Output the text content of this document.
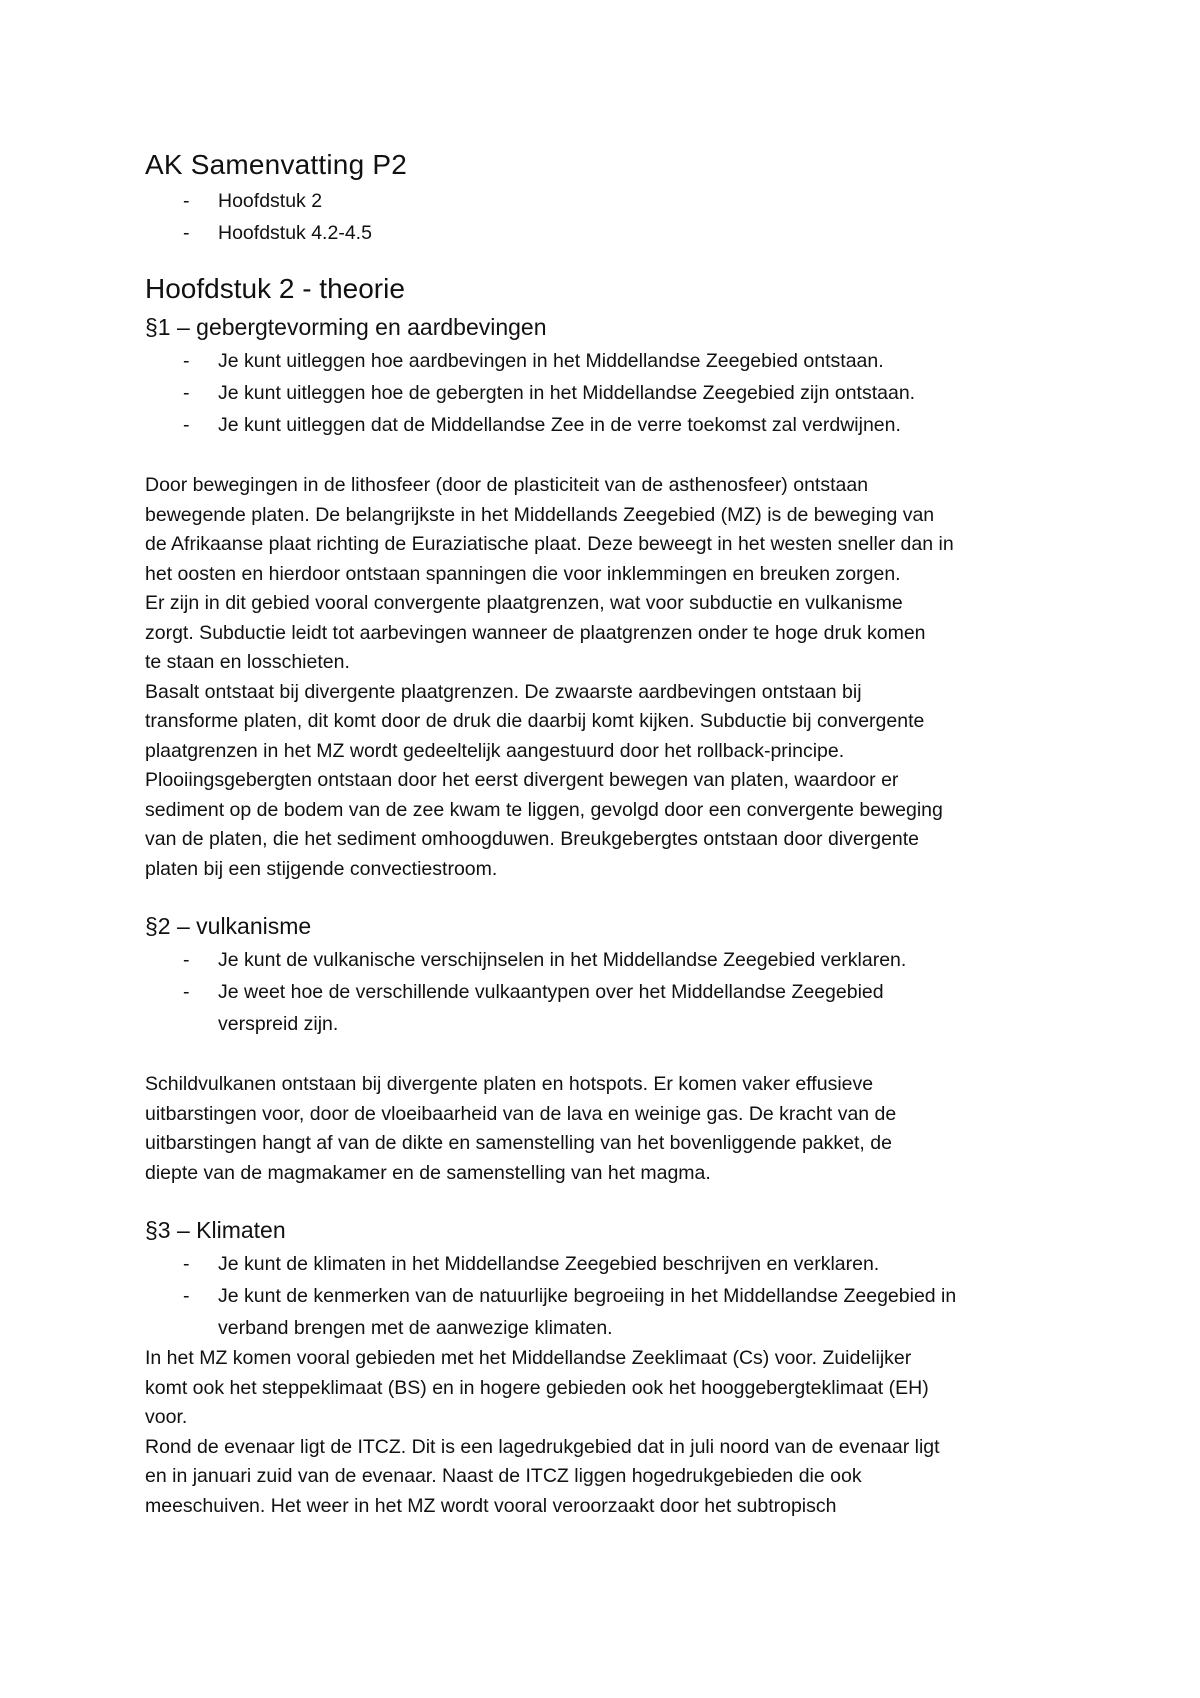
AK Samenvatting P2
- Hoofdstuk 2
- Hoofdstuk 4.2-4.5
Hoofdstuk 2 - theorie
§1 – gebergtevorming en aardbevingen
- Je kunt uitleggen hoe aardbevingen in het Middellandse Zeegebied ontstaan.
- Je kunt uitleggen hoe de gebergten in het Middellandse Zeegebied zijn ontstaan.
- Je kunt uitleggen dat de Middellandse Zee in de verre toekomst zal verdwijnen.

Door bewegingen in de lithosfeer (door de plasticiteit van de asthenosfeer) ontstaan
bewegende platen. De belangrijkste in het Middellands Zeegebied (MZ) is de beweging van
de Afrikaanse plaat richting de Euraziatische plaat. Deze beweegt in het westen sneller dan in
het oosten en hierdoor ontstaan spanningen die voor inklemmingen en breuken zorgen.
Er zijn in dit gebied vooral convergente plaatgrenzen, wat voor subductie en vulkanisme
zorgt. Subductie leidt tot aarbevingen wanneer de plaatgrenzen onder te hoge druk komen
te staan en losschieten.
Basalt ontstaat bij divergente plaatgrenzen. De zwaarste aardbevingen ontstaan bij
transforme platen, dit komt door de druk die daarbij komt kijken. Subductie bij convergente
plaatgrenzen in het MZ wordt gedeeltelijk aangestuurd door het rollback-principe.
Plooiingsgebergten ontstaan door het eerst divergent bewegen van platen, waardoor er
sediment op de bodem van de zee kwam te liggen, gevolgd door een convergente beweging
van de platen, die het sediment omhoogduwen. Breukgebergtes ontstaan door divergente
platen bij een stijgende convectiestroom.

§2 – vulkanisme
- Je kunt de vulkanische verschijnselen in het Middellandse Zeegebied verklaren.
- Je weet hoe de verschillende vulkaantypen over het Middellandse Zeegebied
verspreid zijn.

Schildvulkanen ontstaan bij divergente platen en hotspots. Er komen vaker effusieve
uitbarstingen voor, door de vloeibaarheid van de lava en weinige gas. De kracht van de
uitbarstingen hangt af van de dikte en samenstelling van het bovenliggende pakket, de
diepte van de magmakamer en de samenstelling van het magma.

§3 – Klimaten
- Je kunt de klimaten in het Middellandse Zeegebied beschrijven en verklaren.
- Je kunt de kenmerken van de natuurlijke begroeiing in het Middellandse Zeegebied in
verband brengen met de aanwezige klimaten.

In het MZ komen vooral gebieden met het Middellandse Zeeklimaat (Cs) voor. Zuidelijker
komt ook het steppeklimaat (BS) en in hogere gebieden ook het hooggebergteklimaat (EH)
voor.
Rond de evenaar ligt de ITCZ. Dit is een lagedrukgebied dat in juli noord van de evenaar ligt
en in januari zuid van de evenaar. Naast de ITCZ liggen hogedrukgebieden die ook
meeschuiven. Het weer in het MZ wordt vooral veroorzaakt door het subtropisch
